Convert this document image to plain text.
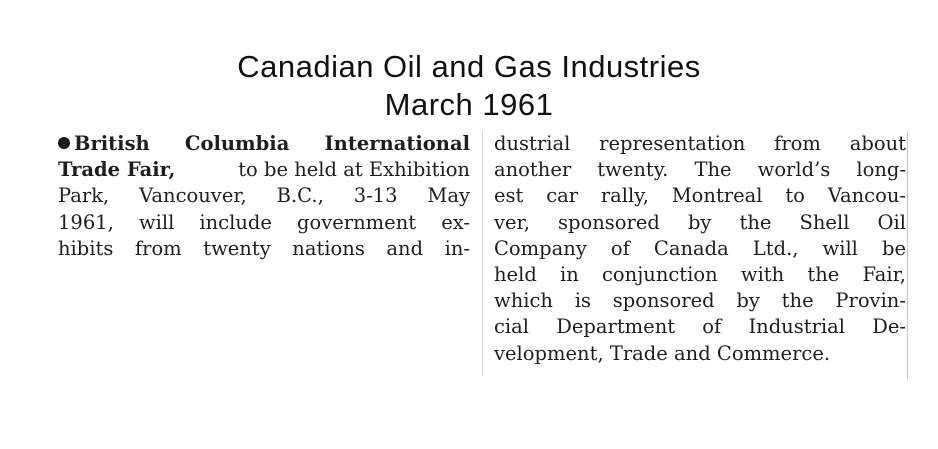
Canadian Oil and Gas Industries

March 1961

British Columbia International
Trade Fair,	to be held at Exhibition
Park, Vancouver, B.C., 3-13 May
1961, will include government ex-
hibits from twenty nations and in-
dustrial representation from about
another twenty. The world’s long-
est car rally, Montreal to Vancou-
ver, sponsored by the Shell Oil
Company of Canada Ltd., will be
held in conjunction with the Fair,
which is sponsored by the Provin-
cial Department of Industrial De-
velopment, Trade and Commerce.
